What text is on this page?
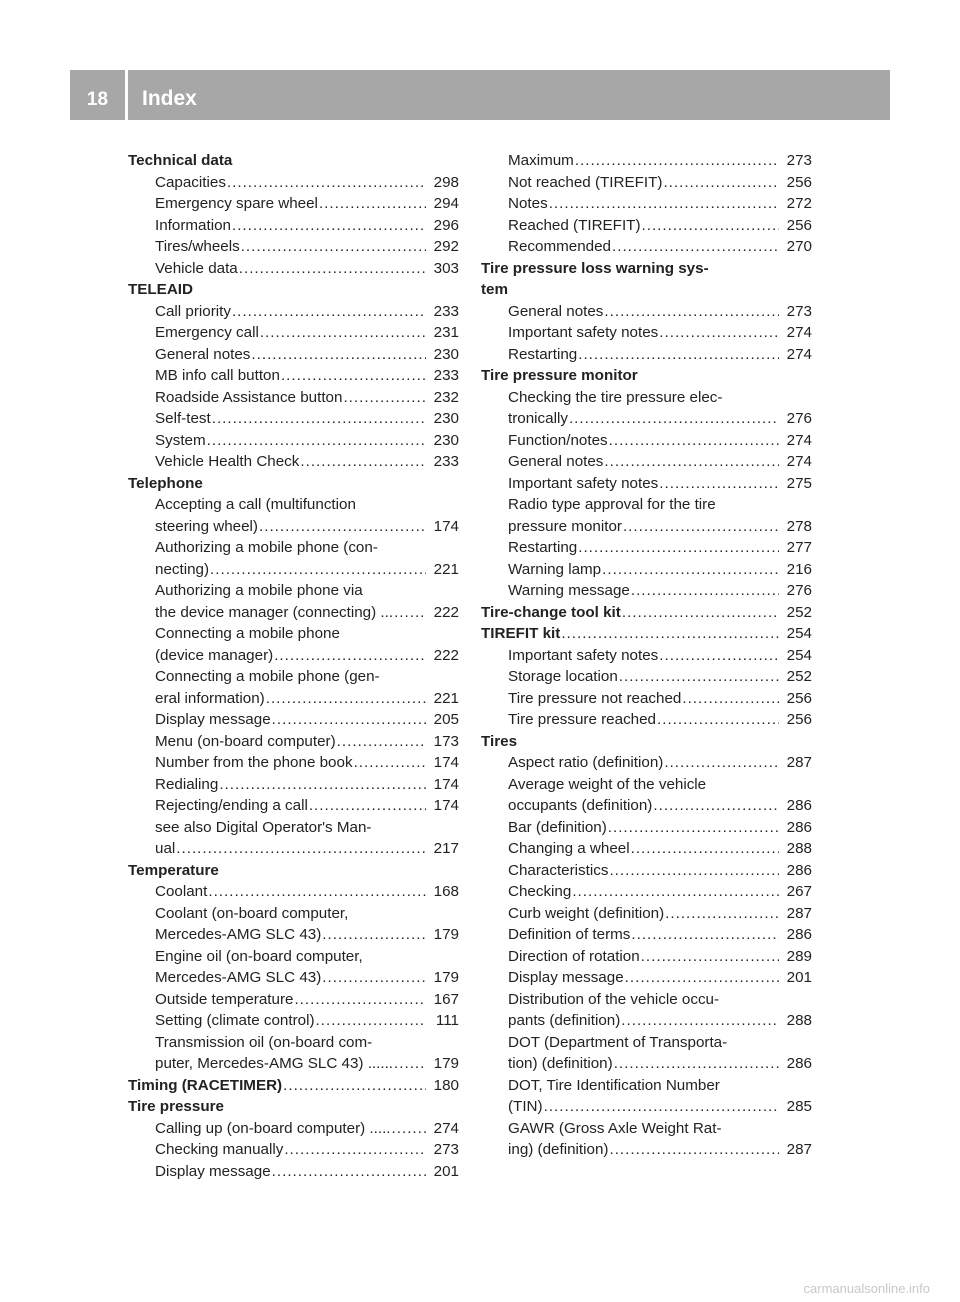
18	Index
Technical data
Capacities .....	298
Emergency spare wheel .....	294
Information .....	296
Tires/wheels .....	292
Vehicle data .....	303
TELEAID
Call priority .....	233
Emergency call .....	231
General notes .....	230
MB info call button .....	233
Roadside Assistance button .....	232
Self-test .....	230
System .....	230
Vehicle Health Check .....	233
Telephone
Accepting a call (multifunction
steering wheel) .....	174
Authorizing a mobile phone (con-
necting) .....	221
Authorizing a mobile phone via
the device manager (connecting) ... .....	222
Connecting a mobile phone
(device manager) .....	222
Connecting a mobile phone (gen-
eral information) .....	221
Display message .....	205
Menu (on-board computer) .....	173
Number from the phone book .....	174
Redialing .....	174
Rejecting/ending a call .....	174
see also Digital Operator's Man-
ual .....	217
Temperature
Coolant .....	168
Coolant (on-board computer,
Mercedes-AMG SLC 43) .....	179
Engine oil (on-board computer,
Mercedes-AMG SLC 43) .....	179
Outside temperature .....	167
Setting (climate control) .....	111
Transmission oil (on-board com-
puter, Mercedes-AMG SLC 43) ...... .....	179
Timing (RACETIMER) .....	180
Tire pressure
Calling up (on-board computer) ..... .....	274
Checking manually .....	273
Display message .....	201
Maximum .....	273
Not reached (TIREFIT) .....	256
Notes .....	272
Reached (TIREFIT) .....	256
Recommended .....	270
Tire pressure loss warning sys-
tem
General notes .....	273
Important safety notes .....	274
Restarting .....	274
Tire pressure monitor
Checking the tire pressure elec-
tronically .....	276
Function/notes .....	274
General notes .....	274
Important safety notes .....	275
Radio type approval for the tire
pressure monitor .....	278
Restarting .....	277
Warning lamp .....	216
Warning message .....	276
Tire-change tool kit .....	252
TIREFIT kit .....	254
Important safety notes .....	254
Storage location .....	252
Tire pressure not reached .....	256
Tire pressure reached .....	256
Tires
Aspect ratio (definition) .....	287
Average weight of the vehicle
occupants (definition) .....	286
Bar (definition) .....	286
Changing a wheel .....	288
Characteristics .....	286
Checking .....	267
Curb weight (definition) .....	287
Definition of terms .....	286
Direction of rotation .....	289
Display message .....	201
Distribution of the vehicle occu-
pants (definition) .....	288
DOT (Department of Transporta-
tion) (definition) .....	286
DOT, Tire Identification Number
(TIN) .....	285
GAWR (Gross Axle Weight Rat-
ing) (definition) .....	287
carmanualsonline.info
